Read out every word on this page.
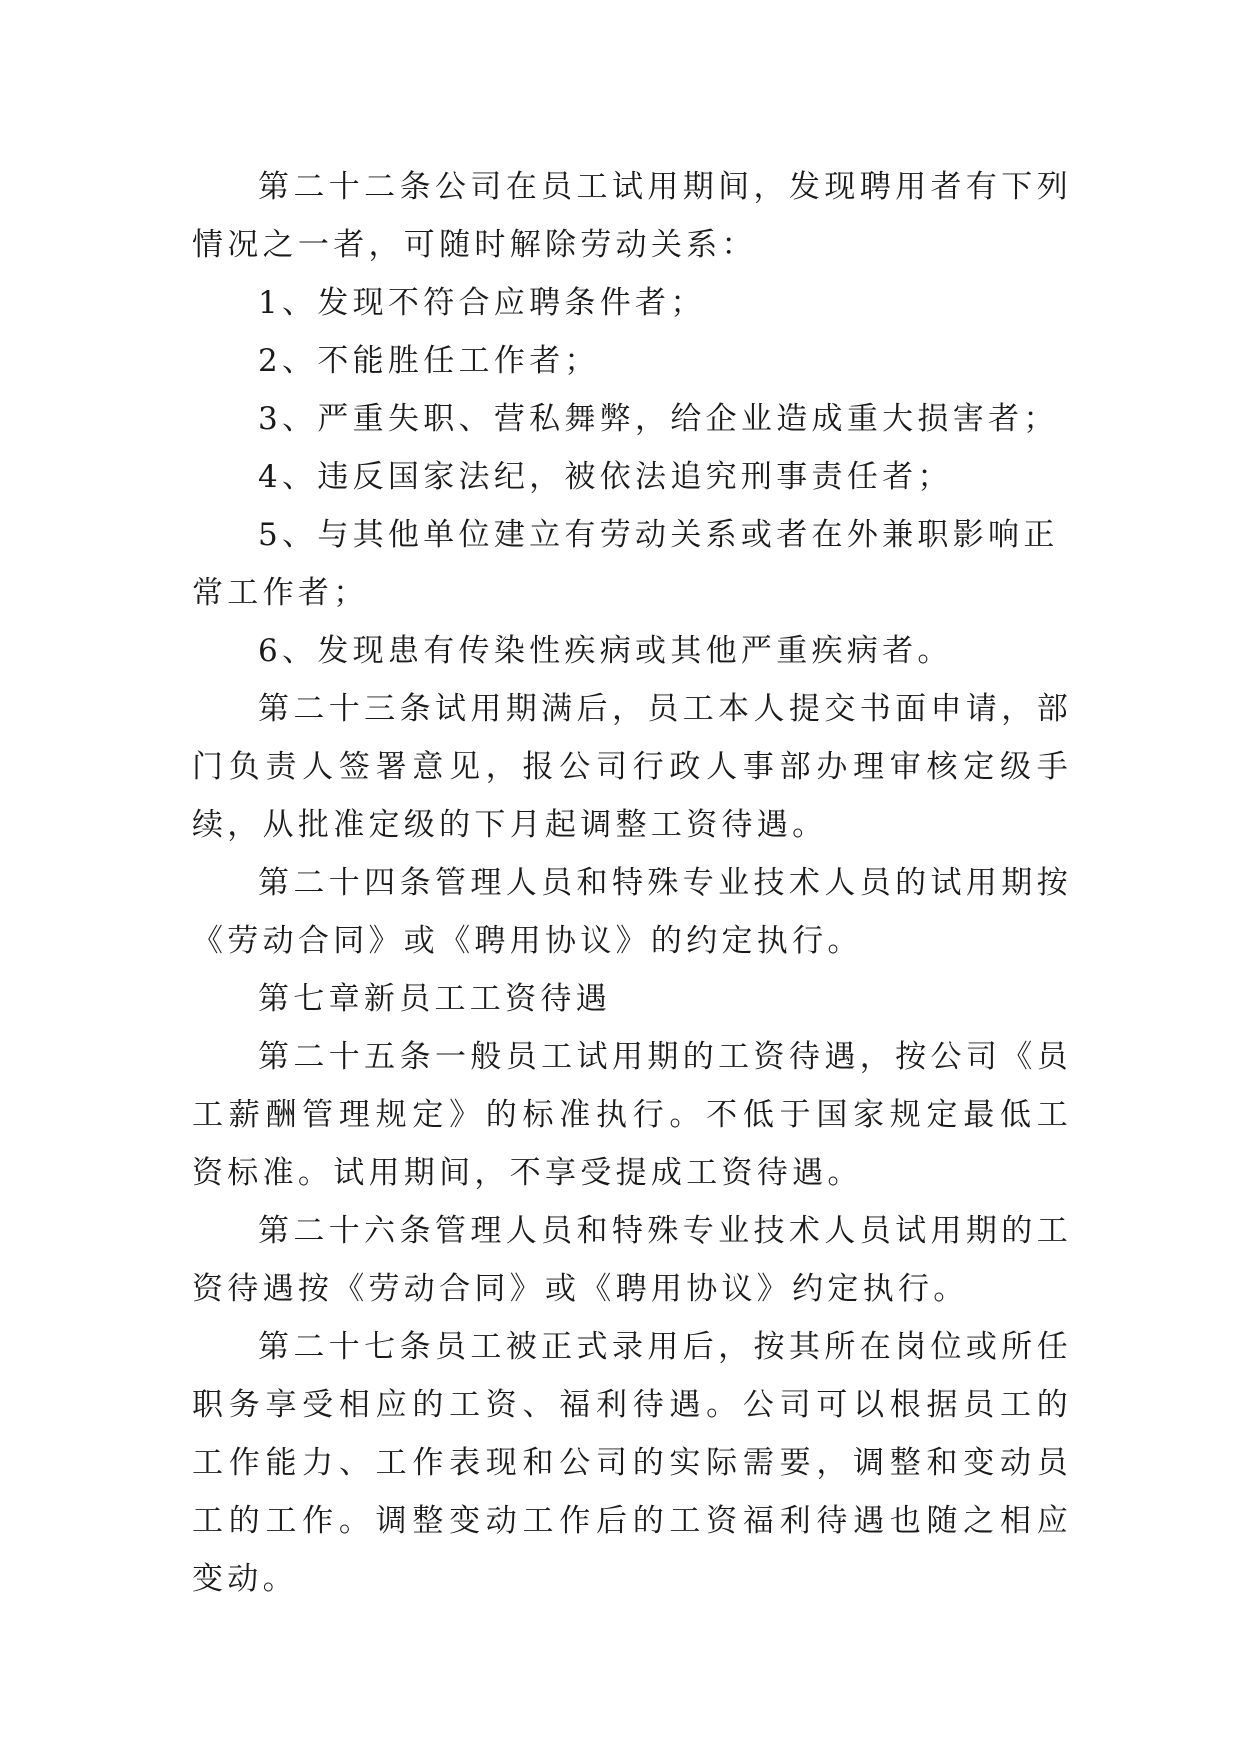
第二十二条公司在员工试用期间，发现聘用者有下列情况之一者，可随时解除劳动关系：

1、发现不符合应聘条件者；

2、不能胜任工作者；

3、严重失职、营私舞弊，给企业造成重大损害者；

4、违反国家法纪，被依法追究刑事责任者；

5、与其他单位建立有劳动关系或者在外兼职影响正常工作者；

6、发现患有传染性疾病或其他严重疾病者。

第二十三条试用期满后，员工本人提交书面申请，部门负责人签署意见，报公司行政人事部办理审核定级手续，从批准定级的下月起调整工资待遇。

第二十四条管理人员和特殊专业技术人员的试用期按《劳动合同》或《聘用协议》的约定执行。

第七章新员工工资待遇

第二十五条一般员工试用期的工资待遇，按公司《员工薪酬管理规定》的标准执行。不低于国家规定最低工资标准。试用期间，不享受提成工资待遇。

第二十六条管理人员和特殊专业技术人员试用期的工资待遇按《劳动合同》或《聘用协议》约定执行。

第二十七条员工被正式录用后，按其所在岗位或所任职务享受相应的工资、福利待遇。公司可以根据员工的工作能力、工作表现和公司的实际需要，调整和变动员工的工作。调整变动工作后的工资福利待遇也随之相应变动。
